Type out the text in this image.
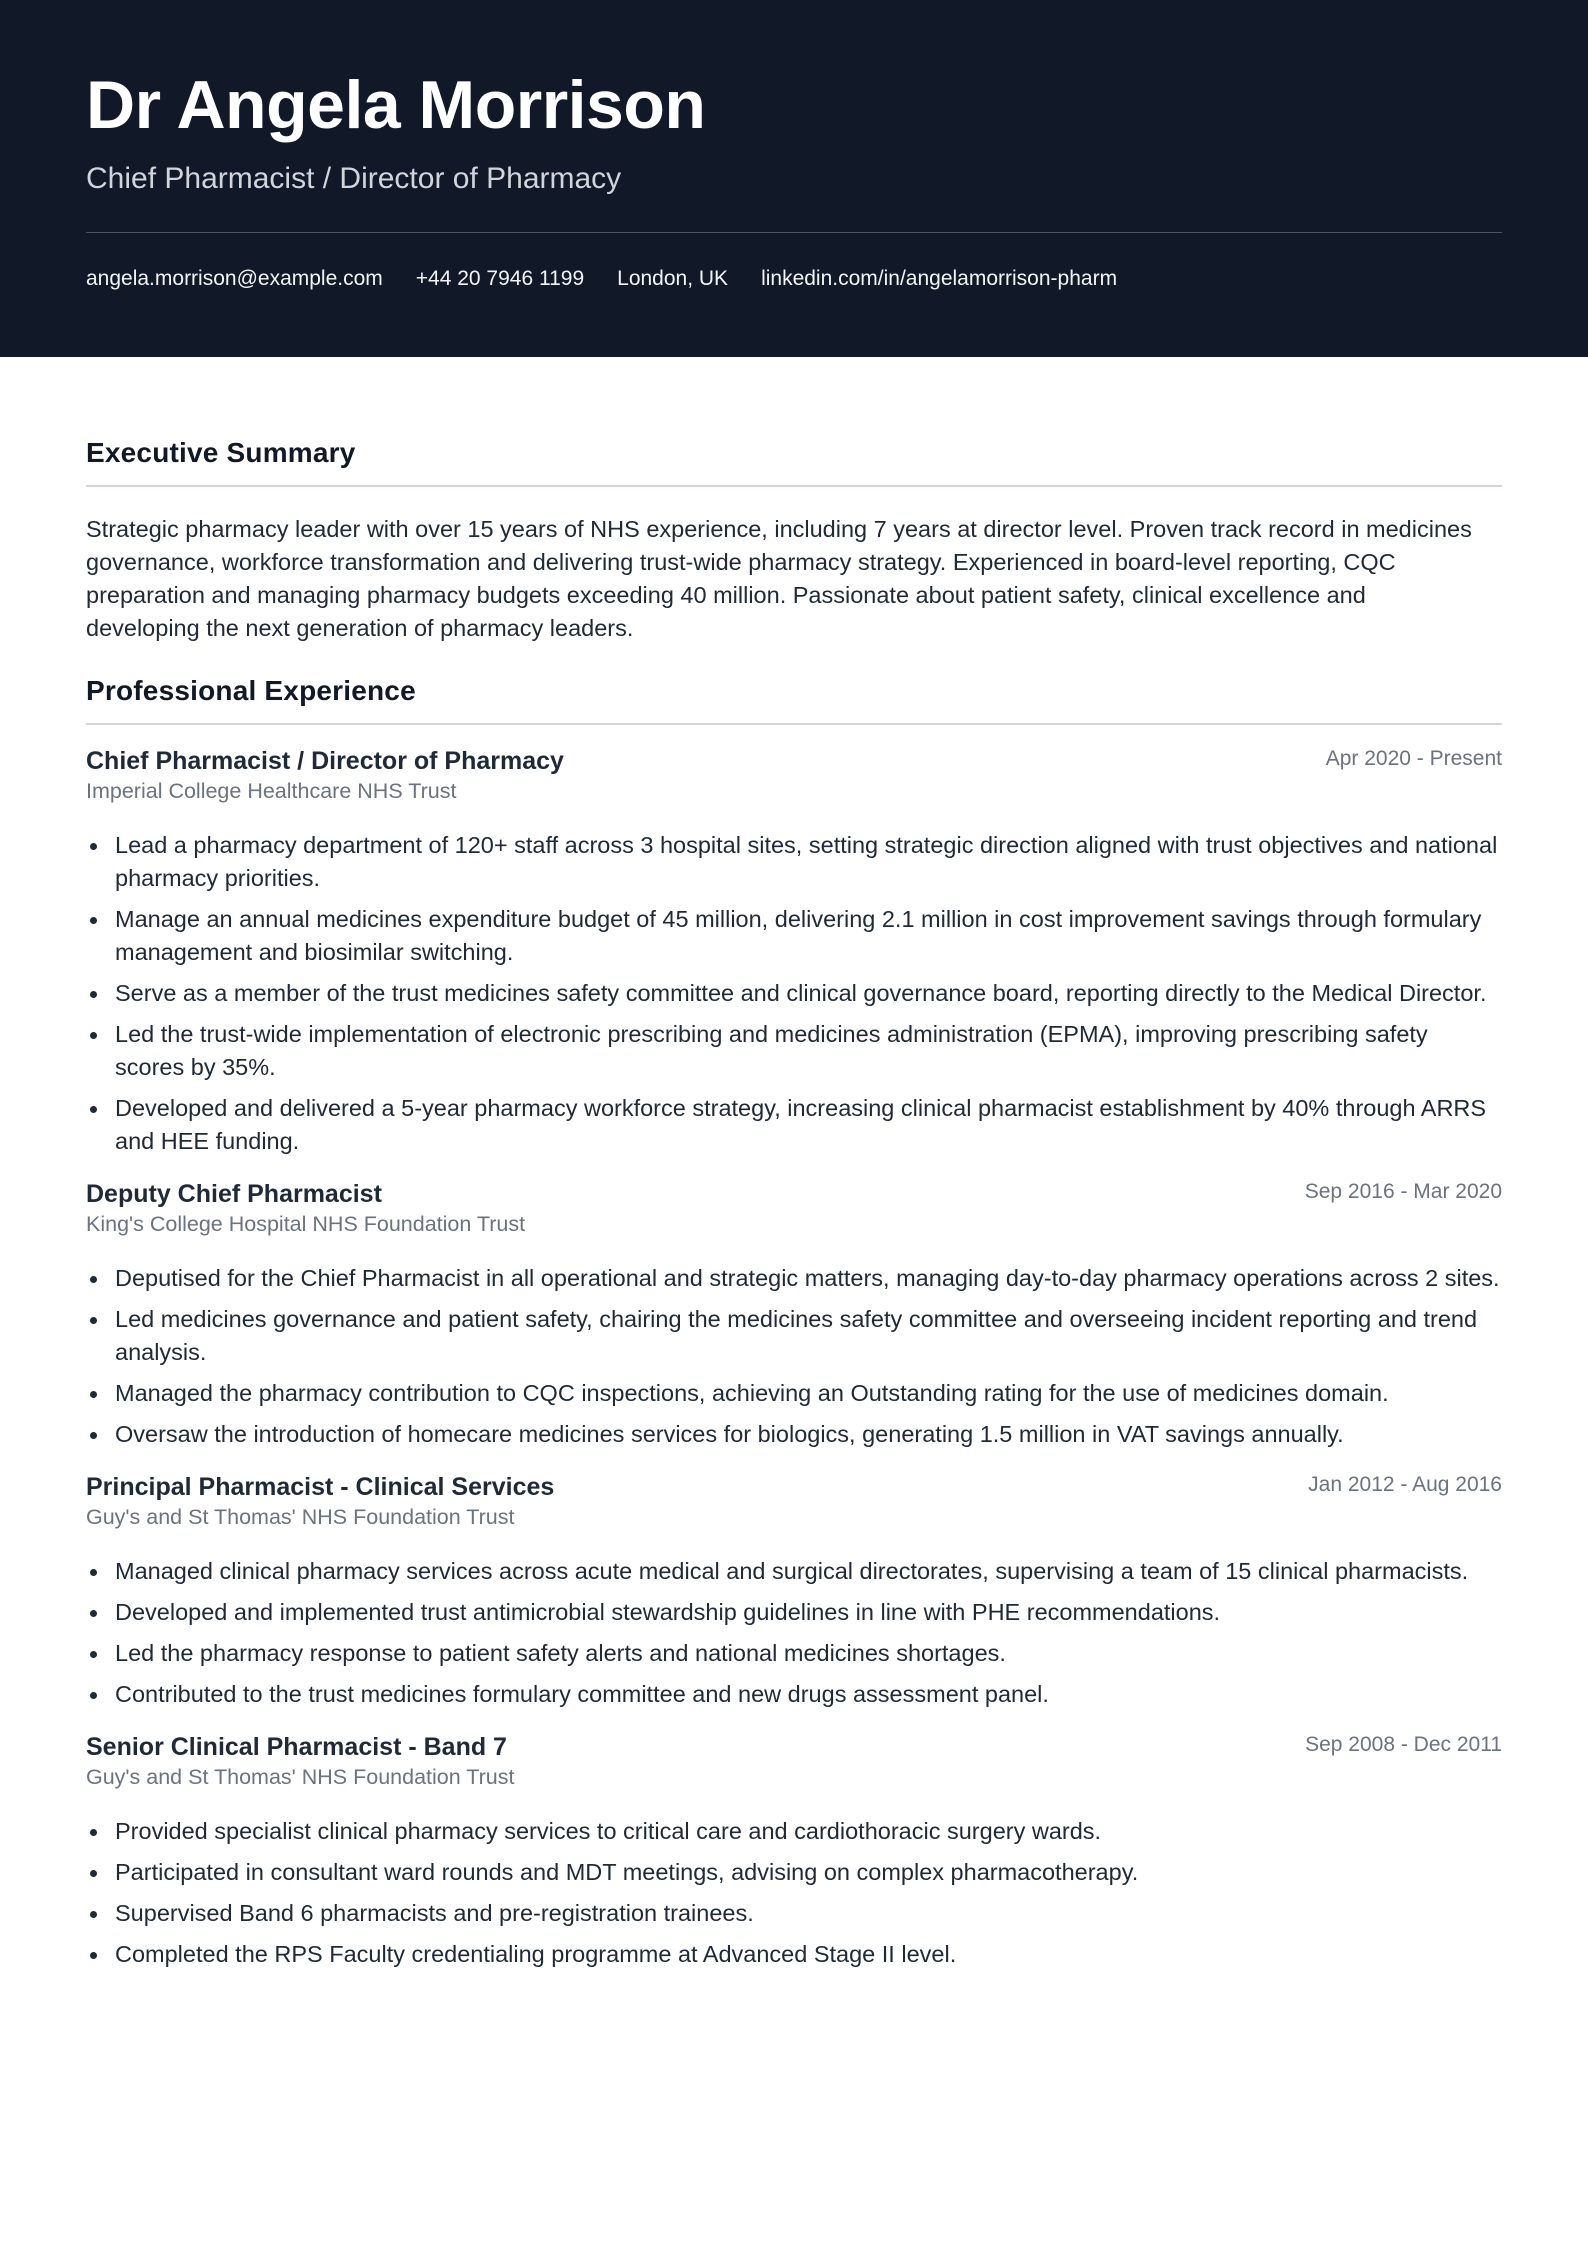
Dr Angela Morrison
Chief Pharmacist / Director of Pharmacy
angela.morrison@example.com +44 20 7946 1199 London, UK linkedin.com/in/angelamorrison-pharm
Executive Summary

Strategic pharmacy leader with over 15 years of NHS experience, including 7 years at director level. Proven track record in medicines governance, workforce transformation and delivering trust-wide pharmacy strategy. Experienced in board-level reporting, CQC preparation and managing pharmacy budgets exceeding 40 million. Passionate about patient safety, clinical excellence and developing the next generation of pharmacy leaders.

Professional Experience
Chief Pharmacist / Director of Pharmacy	Apr 2020 - Present
Imperial College Healthcare NHS Trust
Lead a pharmacy department of 120+ staff across 3 hospital sites, setting strategic direction aligned with trust objectives and national pharmacy priorities.
Manage an annual medicines expenditure budget of 45 million, delivering 2.1 million in cost improvement savings through formulary management and biosimilar switching.
Serve as a member of the trust medicines safety committee and clinical governance board, reporting directly to the Medical Director.
Led the trust-wide implementation of electronic prescribing and medicines administration (EPMA), improving prescribing safety scores by 35%.
Developed and delivered a 5-year pharmacy workforce strategy, increasing clinical pharmacist establishment by 40% through ARRS and HEE funding.
Deputy Chief Pharmacist	Sep 2016 - Mar 2020
King's College Hospital NHS Foundation Trust
Deputised for the Chief Pharmacist in all operational and strategic matters, managing day-to-day pharmacy operations across 2 sites.
Led medicines governance and patient safety, chairing the medicines safety committee and overseeing incident reporting and trend analysis.
Managed the pharmacy contribution to CQC inspections, achieving an Outstanding rating for the use of medicines domain.
Oversaw the introduction of homecare medicines services for biologics, generating 1.5 million in VAT savings annually.
Principal Pharmacist - Clinical Services	Jan 2012 - Aug 2016
Guy's and St Thomas' NHS Foundation Trust
Managed clinical pharmacy services across acute medical and surgical directorates, supervising a team of 15 clinical pharmacists.
Developed and implemented trust antimicrobial stewardship guidelines in line with PHE recommendations.
Led the pharmacy response to patient safety alerts and national medicines shortages.
Contributed to the trust medicines formulary committee and new drugs assessment panel.
Senior Clinical Pharmacist - Band 7	Sep 2008 - Dec 2011
Guy's and St Thomas' NHS Foundation Trust
Provided specialist clinical pharmacy services to critical care and cardiothoracic surgery wards.
Participated in consultant ward rounds and MDT meetings, advising on complex pharmacotherapy.
Supervised Band 6 pharmacists and pre-registration trainees.
Completed the RPS Faculty credentialing programme at Advanced Stage II level.
